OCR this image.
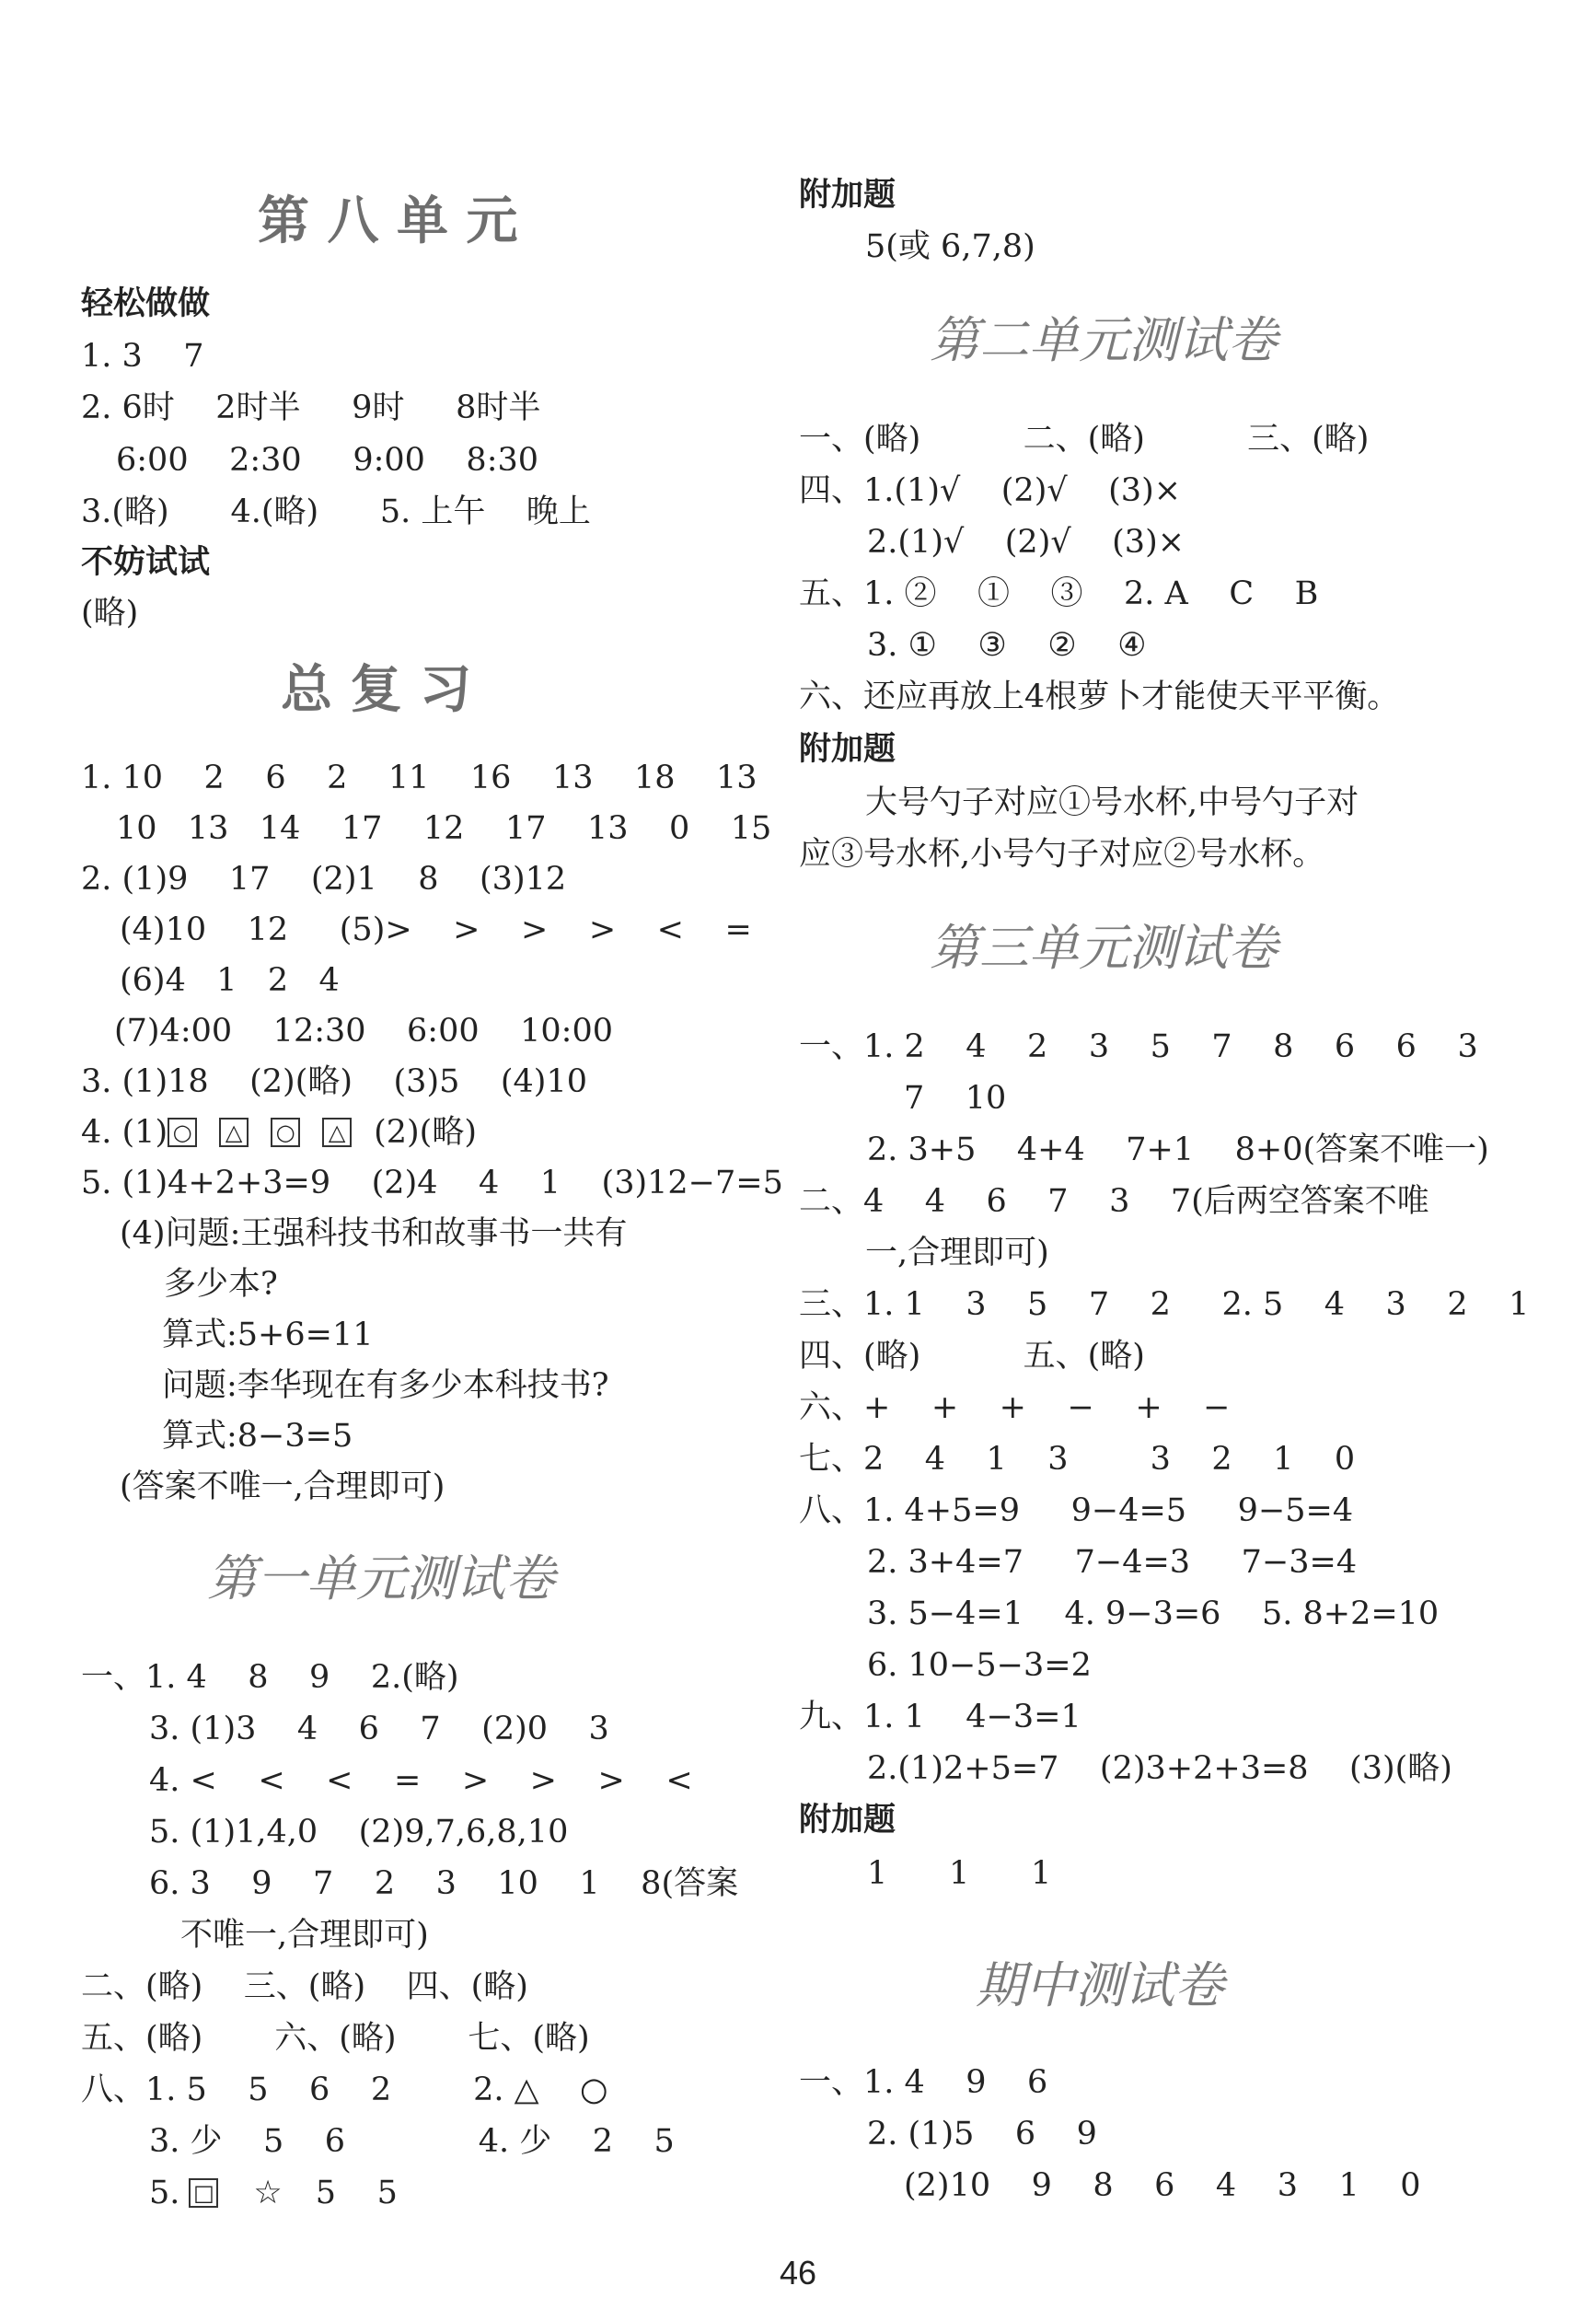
第 八 单 元
轻松做做
1. 3    7
2. 6时    2时半     9时     8时半
6:00    2:30     9:00    8:30
3.(略)      4.(略)      5. 上午    晚上
不妨试试
(略)
总 复 习
1. 10    2    6    2    11    16    13    18    13
10   13   14    17    12    17    13    0    15
2. (1)9    17    (2)1    8    (3)12
(4)10    12     (5)>    >    >    >    <    =
(6)4   1   2   4
(7)4:00    12:30    6:00    10:00
3. (1)18    (2)(略)    (3)5    (4)10
4. (1) ○ △ ○ △ (2)(略)
5. (1)4+2+3=9    (2)4    4    1    (3)12−7=5
(4)问题:王强科技书和故事书一共有
多少本?
算式:5+6=11
问题:李华现在有多少本科技书?
算式:8−3=5
(答案不唯一,合理即可)
第一单元测试卷
一、1. 4    8    9    2.(略)
3. (1)3    4    6    7    (2)0    3
4. <    <    <    =    >    >    >    <
5. (1)1,4,0    (2)9,7,6,8,10
6. 3    9    7    2    3    10    1    8(答案
不唯一,合理即可)
二、(略)    三、(略)    四、(略)
五、(略)       六、(略)       七、(略)
八、1. 5    5    6    2        2. △    ○
3. 少    5    6             4. 少    2    5
5. □ ☆ 5    5
附加题
5(或 6,7,8)
第二单元测试卷
一、(略)          二、(略)          三、(略)
四、1.(1)√    (2)√    (3)×
2.(1)√    (2)√    (3)×
五、1. ②    ①    ③    2. A    C    B
3. ①    ③    ②    ④
六、还应再放上4根萝卜才能使天平平衡。
附加题
大号勺子对应①号水杯,中号勺子对
应③号水杯,小号勺子对应②号水杯。
第三单元测试卷
一、1. 2    4    2    3    5    7    8    6    6    3
7    10
2. 3+5    4+4    7+1    8+0(答案不唯一)
二、4    4    6    7    3    7(后两空答案不唯
一,合理即可)
三、1. 1    3    5    7    2     2. 5    4    3    2    1
四、(略)          五、(略)
六、+    +    +    −    +    −
七、2    4    1    3        3    2    1    0
八、1. 4+5=9     9−4=5     9−5=4
2. 3+4=7     7−4=3     7−3=4
3. 5−4=1    4. 9−3=6    5. 8+2=10
6. 10−5−3=2
九、1. 1    4−3=1
2.(1)2+5=7    (2)3+2+3=8    (3)(略)
附加题
1      1      1
期中测试卷
一、1. 4    9    6
2. (1)5    6    9
(2)10    9    8    6    4    3    1    0
46
